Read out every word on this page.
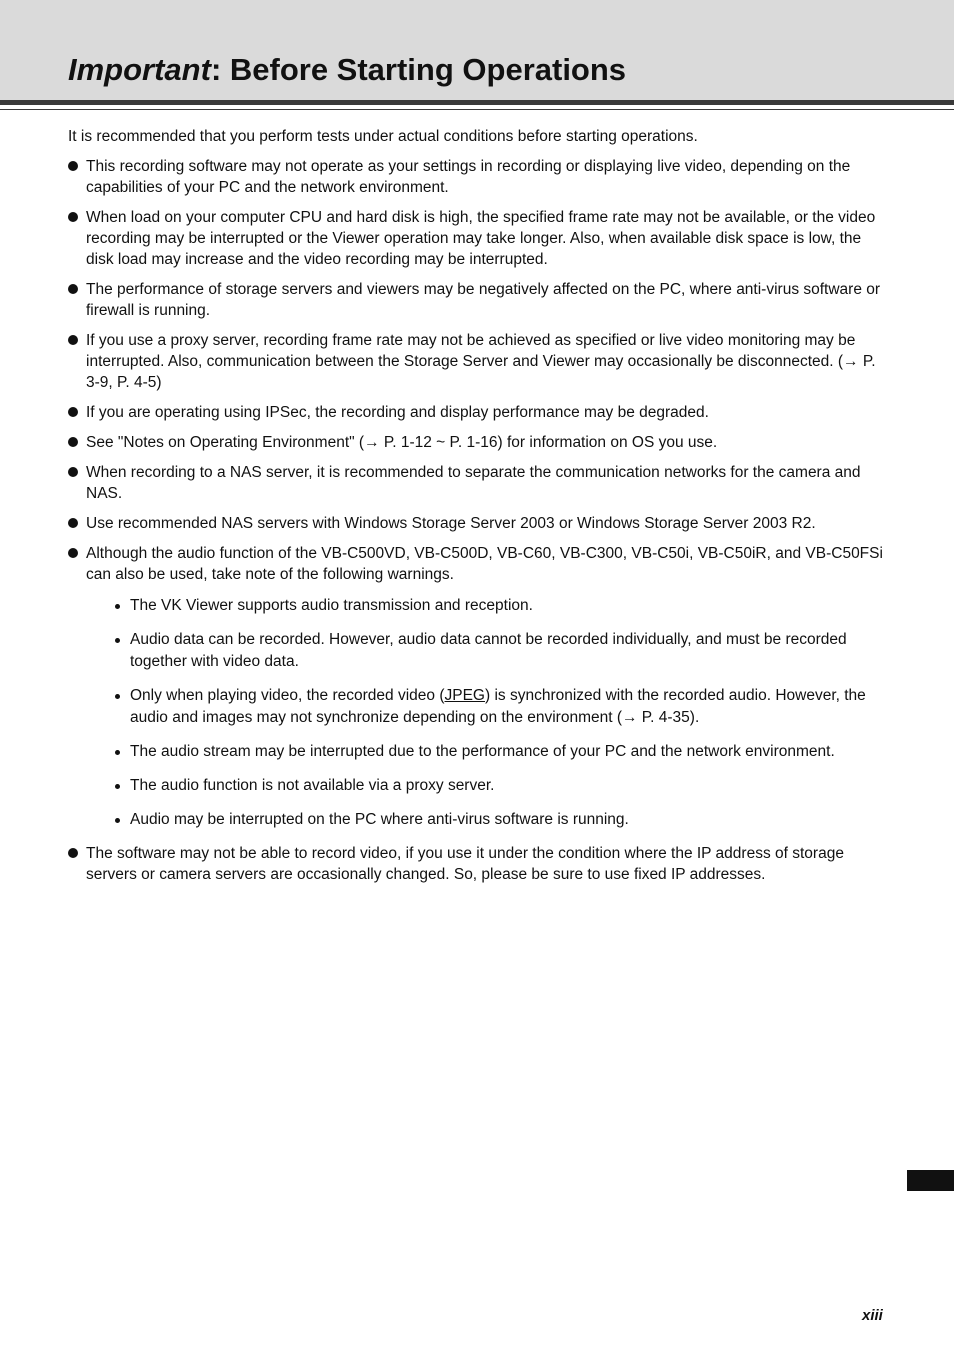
Important: Before Starting Operations

It is recommended that you perform tests under actual conditions before starting operations.

This recording software may not operate as your settings in recording or displaying live video, depending on the capabilities of your PC and the network environment.
When load on your computer CPU and hard disk is high, the specified frame rate may not be available, or the video recording may be interrupted or the Viewer operation may take longer. Also, when available disk space is low, the disk load may increase and the video recording may be interrupted.
The performance of storage servers and viewers may be negatively affected on the PC, where anti-virus software or firewall is running.
If you use a proxy server, recording frame rate may not be achieved as specified or live video monitoring may be interrupted. Also, communication between the Storage Server and Viewer may occasionally be disconnected. (→ P. 3-9, P. 4-5)
If you are operating using IPSec, the recording and display performance may be degraded.
See "Notes on Operating Environment" (→ P. 1-12 ~ P. 1-16) for information on OS you use.
When recording to a NAS server, it is recommended to separate the communication networks for the camera and NAS.
Use recommended NAS servers with Windows Storage Server 2003 or Windows Storage Server 2003 R2.
Although the audio function of the VB-C500VD, VB-C500D, VB-C60, VB-C300, VB-C50i, VB-C50iR, and VB-C50FSi can also be used, take note of the following warnings.
The VK Viewer supports audio transmission and reception.
Audio data can be recorded. However, audio data cannot be recorded individually, and must be recorded together with video data.
Only when playing video, the recorded video (JPEG) is synchronized with the recorded audio. However, the audio and images may not synchronize depending on the environment (→ P. 4-35).
The audio stream may be interrupted due to the performance of your PC and the network environment.
The audio function is not available via a proxy server.
Audio may be interrupted on the PC where anti-virus software is running.
The software may not be able to record video, if you use it under the condition where the IP address of storage servers or camera servers are occasionally changed. So, please be sure to use fixed IP addresses.
xiii
